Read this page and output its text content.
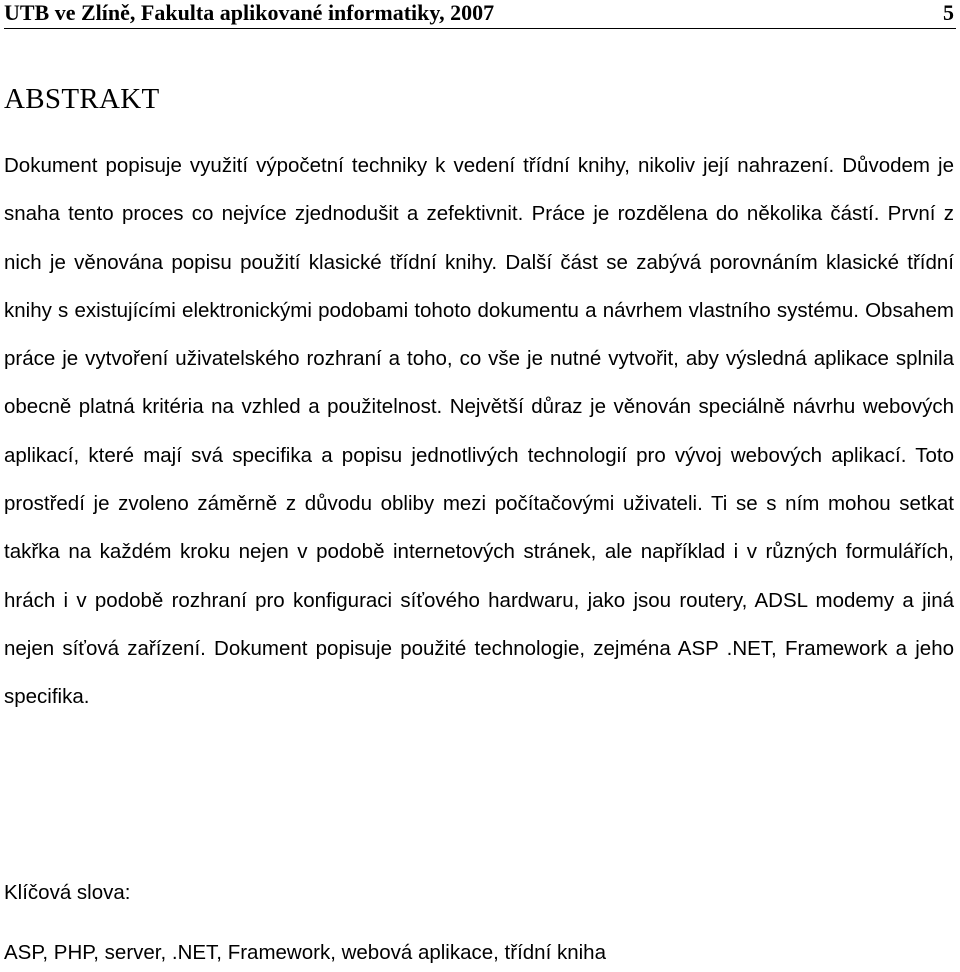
UTB ve Zlíně, Fakulta aplikované informatiky, 2007	5
ABSTRAKT

Dokument popisuje využití výpočetní techniky k vedení třídní knihy, nikoliv její nahrazení. Důvodem je snaha tento proces co nejvíce zjednodušit a zefektivnit. Práce je rozdělena do několika částí. První z nich je věnována popisu použití klasické třídní knihy. Další část se zabývá porovnáním klasické třídní knihy s existujícími elektronickými podobami tohoto dokumentu a návrhem vlastního systému. Obsahem práce je vytvoření uživatelského rozhraní a toho, co vše je nutné vytvořit, aby výsledná aplikace splnila obecně platná kritéria na vzhled a použitelnost. Největší důraz je věnován speciálně návrhu webových aplikací, které mají svá specifika a popisu jednotlivých technologií pro vývoj webových aplikací. Toto prostředí je zvoleno záměrně z důvodu obliby mezi počítačovými uživateli. Ti se s ním mohou setkat takřka na každém kroku nejen v podobě internetových stránek, ale například i v různých formulářích, hrách i v podobě rozhraní pro konfiguraci síťového hardwaru, jako jsou routery, ADSL modemy a jiná nejen síťová zařízení. Dokument popisuje použité technologie, zejména ASP .NET, Framework a jeho specifika.

Klíčová slova:

ASP, PHP, server, .NET, Framework, webová aplikace, třídní kniha
